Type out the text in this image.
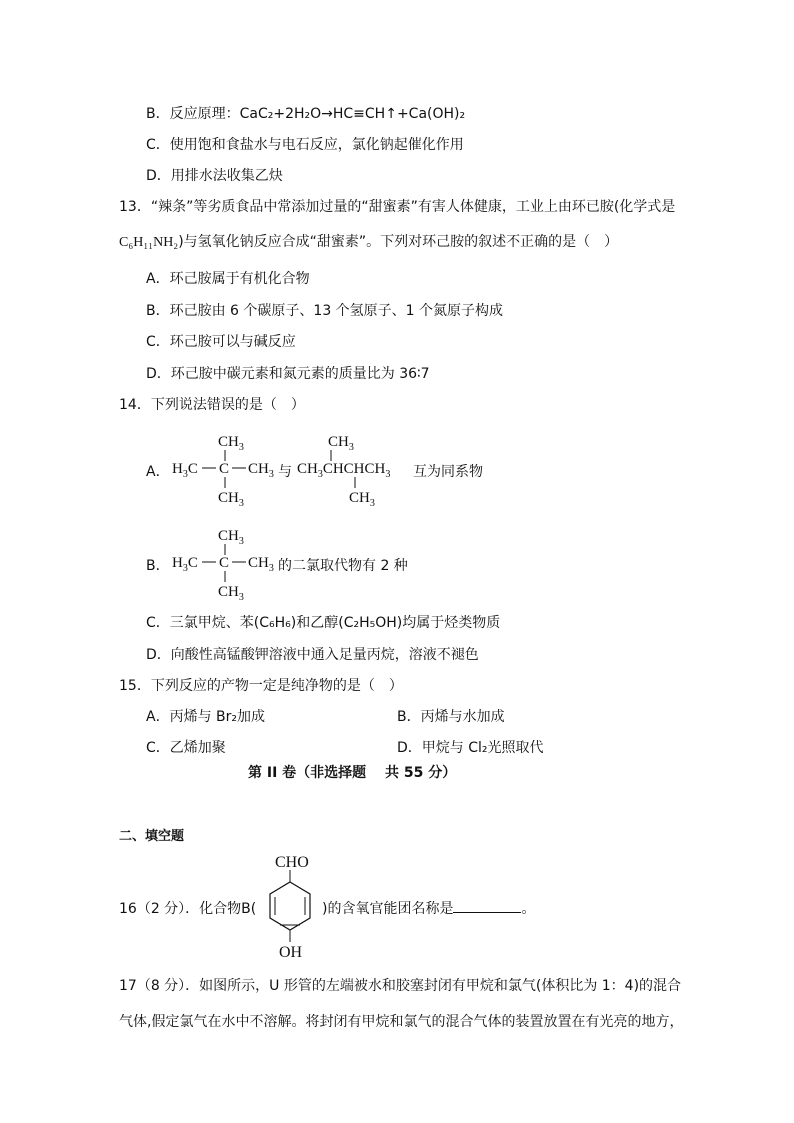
B．反应原理：CaC₂+2H₂O→HC≡CH↑+Ca(OH)₂
C．使用饱和食盐水与电石反应，氯化钠起催化作用
D．用排水法收集乙炔
13．“辣条”等劣质食品中常添加过量的“甜蜜素”有害人体健康，工业上由环已胺(化学式是
C₆H₁₁NH₂)与氢氧化钠反应合成“甜蜜素”。下列对环己胺的叙述不正确的是（　）
A．环己胺属于有机化合物
B．环己胺由 6 个碳原子、13 个氢原子、1 个氮原子构成
C．环己胺可以与碱反应
D．环己胺中碳元素和氮元素的质量比为 36∶7
14．下列说法错误的是（　）
A．
$CH_3$
$H_3C$ C $CH_3$
$CH_3$
$CH_3$
$CH_3CHCHCH_3$
$CH_3$
与	互为同系物
B．
$CH_3$
$H_3C$ C $CH_3$
$CH_3$
的二氯取代物有 2 种
C．三氯甲烷、苯(C₆H₆)和乙醇(C₂H₅OH)均属于烃类物质
D．向酸性高锰酸钾溶液中通入足量丙烷，溶液不褪色
15．下列反应的产物一定是纯净物的是（　）
A．丙烯与 Br₂加成	B．丙烯与水加成
C．乙烯加聚	D．甲烷与 Cl₂光照取代
第 II 卷（非选择题　 共 55 分）
二、填空题
16（2 分）．化合物B(
CHO
OH
)的含氧官能团名称是	。
17（8 分）．如图所示，U 形管的左端被水和胶塞封闭有甲烷和氯气(体积比为 1：4)的混合
气体,假定氯气在水中不溶解。将封闭有甲烷和氯气的混合气体的装置放置在有光亮的地方，
